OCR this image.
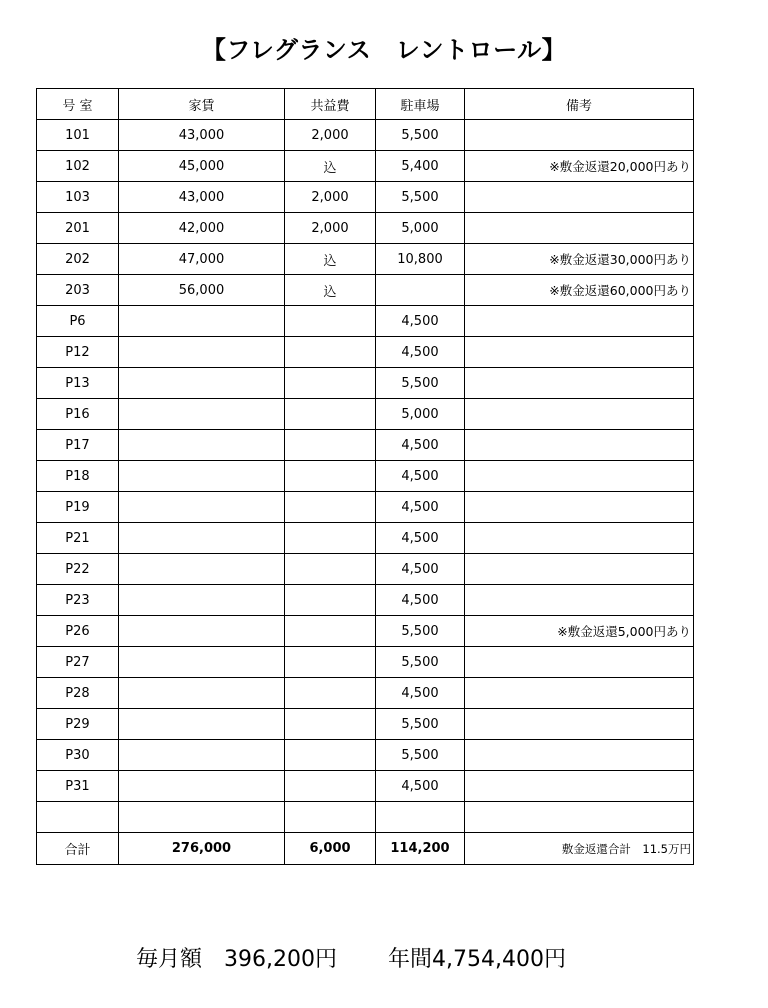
【フレグランス　レントロール】
号 室	家賃	共益費	駐車場	備考
101	43,000	2,000	5,500	
102	45,000	込	5,400	※敷金返還20,000円あり
103	43,000	2,000	5,500	
201	42,000	2,000	5,000	
202	47,000	込	10,800	※敷金返還30,000円あり
203	56,000	込		※敷金返還60,000円あり
P6			4,500	
P12			4,500	
P13			5,500	
P16			5,000	
P17			4,500	
P18			4,500	
P19			4,500	
P21			4,500	
P22			4,500	
P23			4,500	
P26			5,500	※敷金返還5,000円あり
P27			5,500	
P28			4,500	
P29			5,500	
P30			5,500	
P31			4,500	

合計	276,000	6,000	114,200	敷金返還合計　11.5万円
毎月額　396,200円 年間4,754,400円
